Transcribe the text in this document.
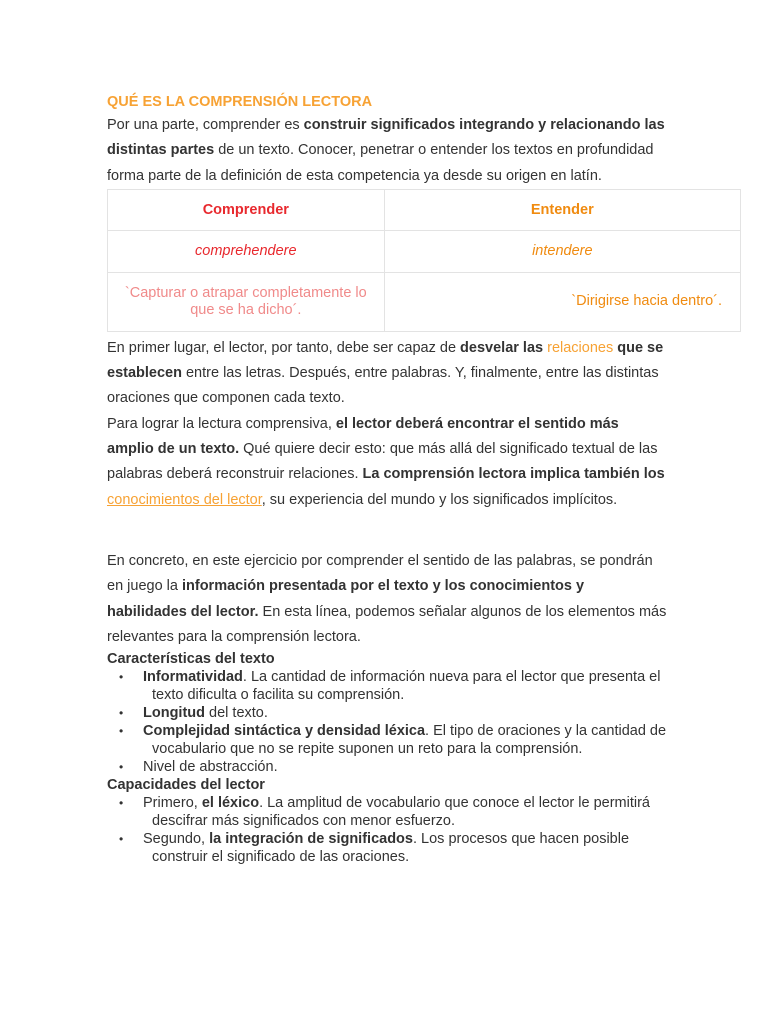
QUÉ ES LA COMPRENSIÓN LECTORA

Por una parte, comprender es construir significados integrando y relacionando las distintas partes de un texto. Conocer, penetrar o entender los textos en profundidad forma parte de la definición de esta competencia ya desde su origen en latín.

Comprender	Entender
comprehendere	intendere
`Capturar o atrapar completamente lo que se ha dicho´.	`Dirigirse hacia dentro´.

En primer lugar, el lector, por tanto, debe ser capaz de desvelar las relaciones que se establecen entre las letras. Después, entre palabras. Y, finalmente, entre las distintas oraciones que componen cada texto.

Para lograr la lectura comprensiva, el lector deberá encontrar el sentido más amplio de un texto. Qué quiere decir esto: que más allá del significado textual de las palabras deberá reconstruir relaciones. La comprensión lectora implica también los conocimientos del lector, su experiencia del mundo y los significados implícitos.

En concreto, en este ejercicio por comprender el sentido de las palabras, se pondrán en juego la información presentada por el texto y los conocimientos y habilidades del lector. En esta línea, podemos señalar algunos de los elementos más relevantes para la comprensión lectora.

Características del texto

•	Informatividad. La cantidad de información nueva para el lector que presenta el texto dificulta o facilita su comprensión.
•	Longitud del texto.
•	Complejidad sintáctica y densidad léxica. El tipo de oraciones y la cantidad de vocabulario que no se repite suponen un reto para la comprensión.
•	Nivel de abstracción.

Capacidades del lector

•	Primero, el léxico. La amplitud de vocabulario que conoce el lector le permitirá descifrar más significados con menor esfuerzo.
•	Segundo, la integración de significados. Los procesos que hacen posible construir el significado de las oraciones.
